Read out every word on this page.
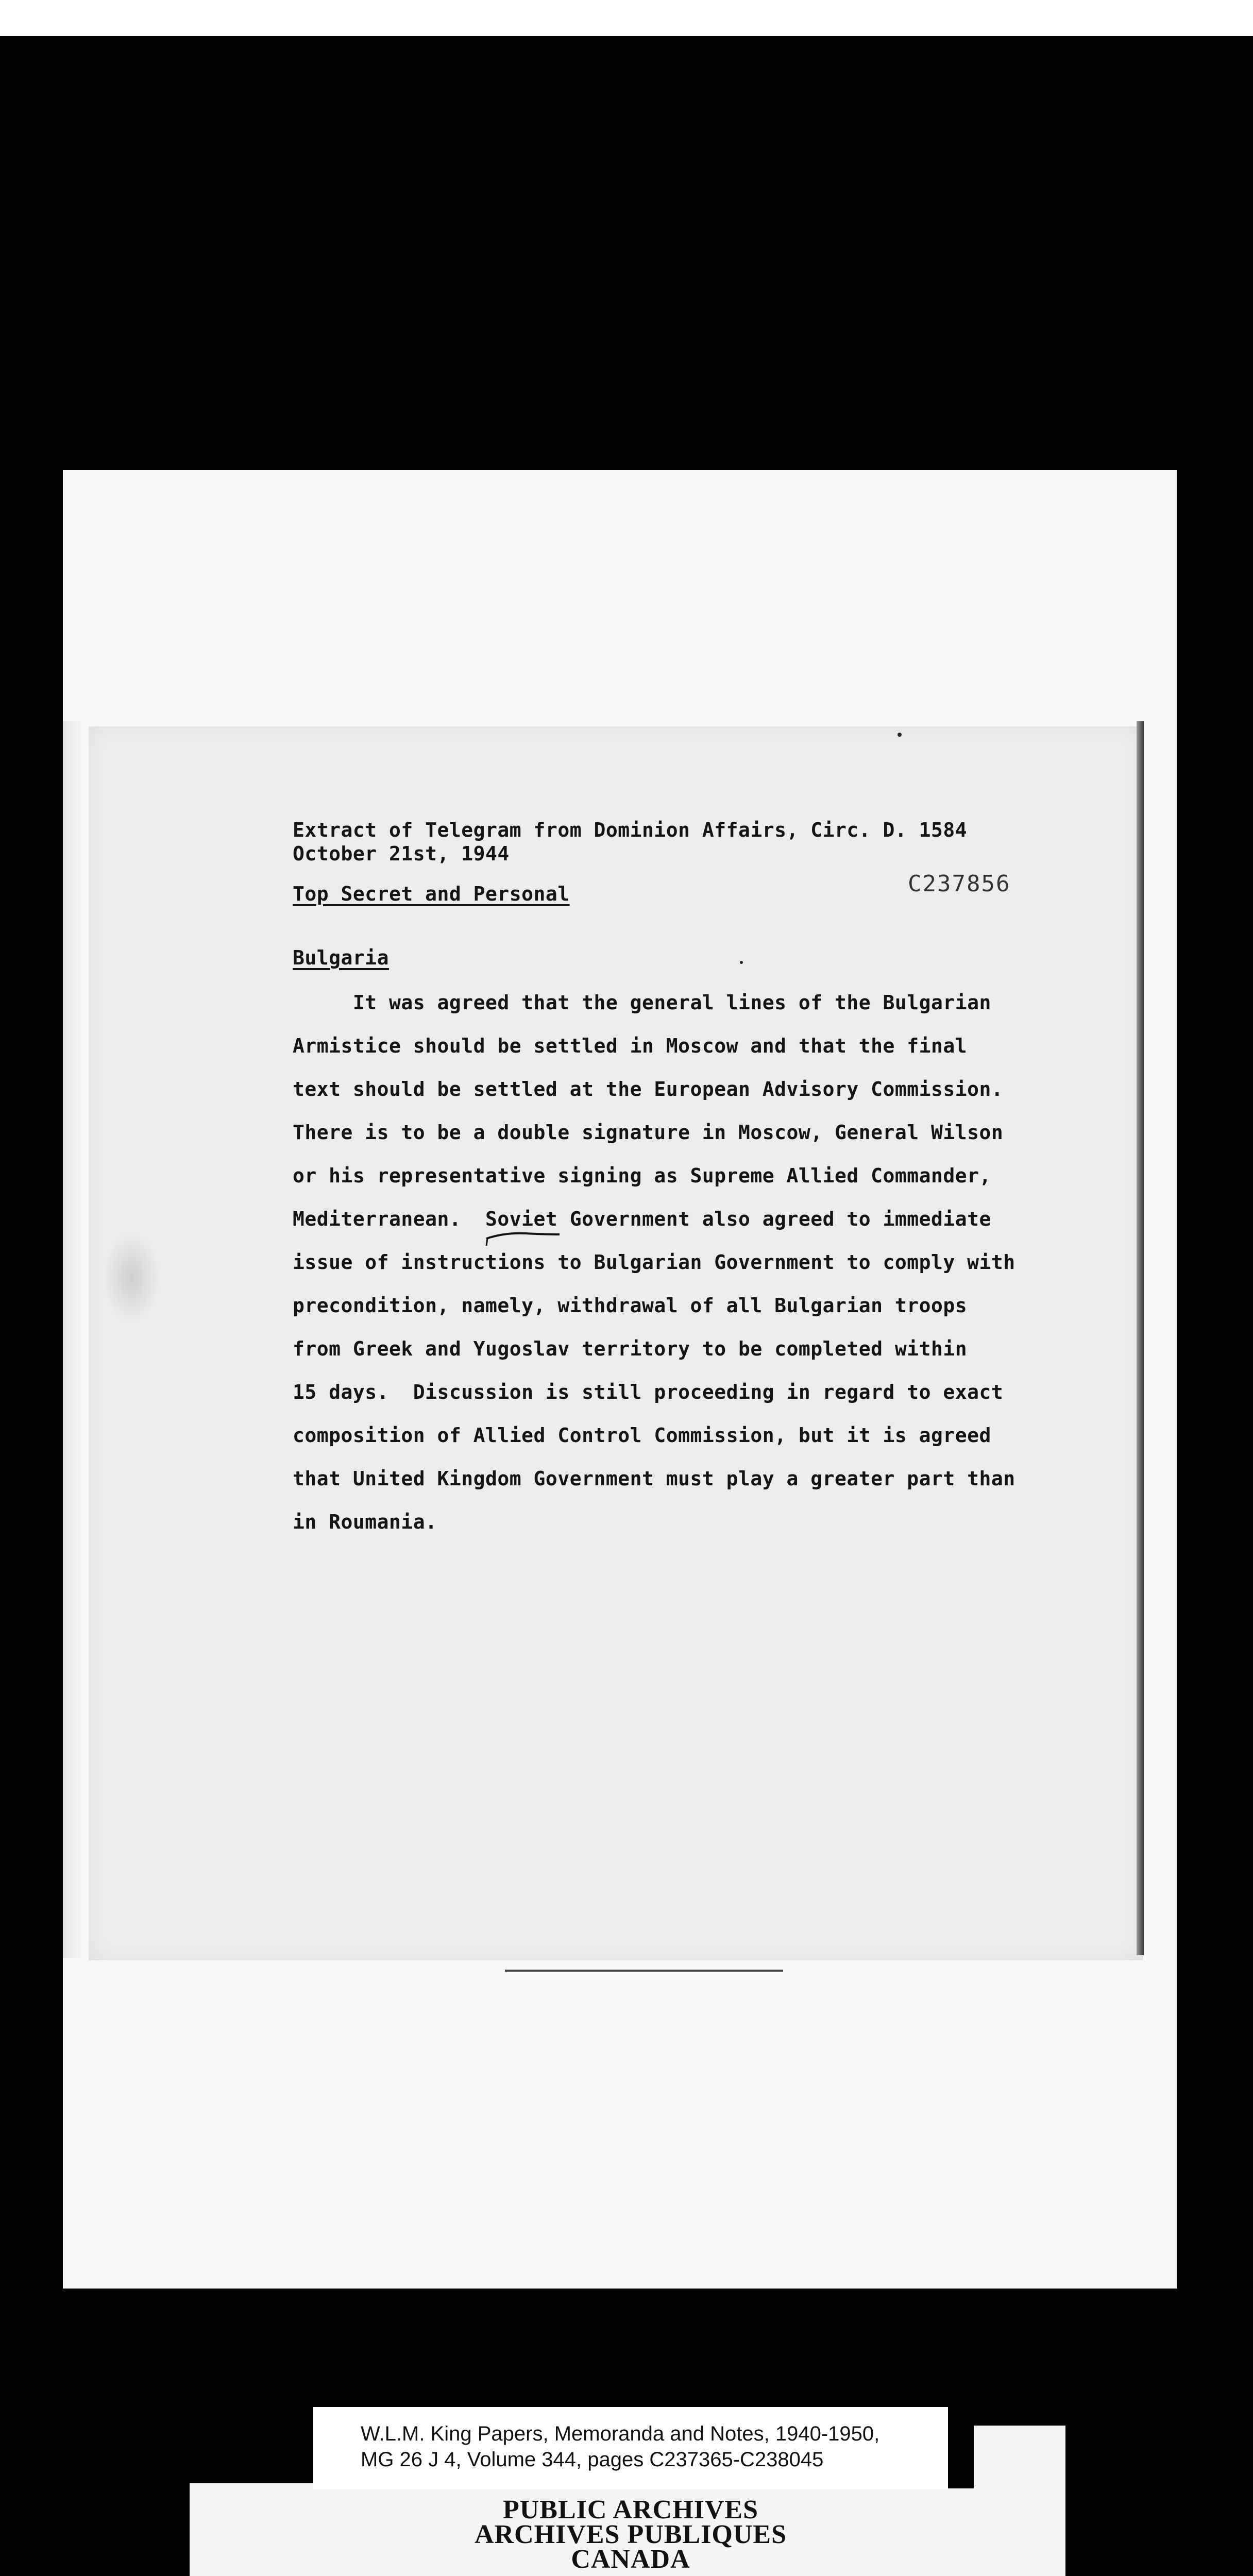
Extract of Telegram from Dominion Affairs, Circ. D. 1584
October 21st, 1944
Top Secret and Personal	C237856
Bulgaria
It was agreed that the general lines of the Bulgarian
Armistice should be settled in Moscow and that the final
text should be settled at the European Advisory Commission.
There is to be a double signature in Moscow, General Wilson
or his representative signing as Supreme Allied Commander,
Mediterranean.  Soviet Government also agreed to immediate
issue of instructions to Bulgarian Government to comply with
precondition, namely, withdrawal of all Bulgarian troops
from Greek and Yugoslav territory to be completed within
15 days.  Discussion is still proceeding in regard to exact
composition of Allied Control Commission, but it is agreed
that United Kingdom Government must play a greater part than
in Roumania.
W.L.M. King Papers, Memoranda and Notes, 1940-1950,
MG 26 J 4, Volume 344, pages C237365-C238045
PUBLIC ARCHIVES
ARCHIVES PUBLIQUES
CANADA
